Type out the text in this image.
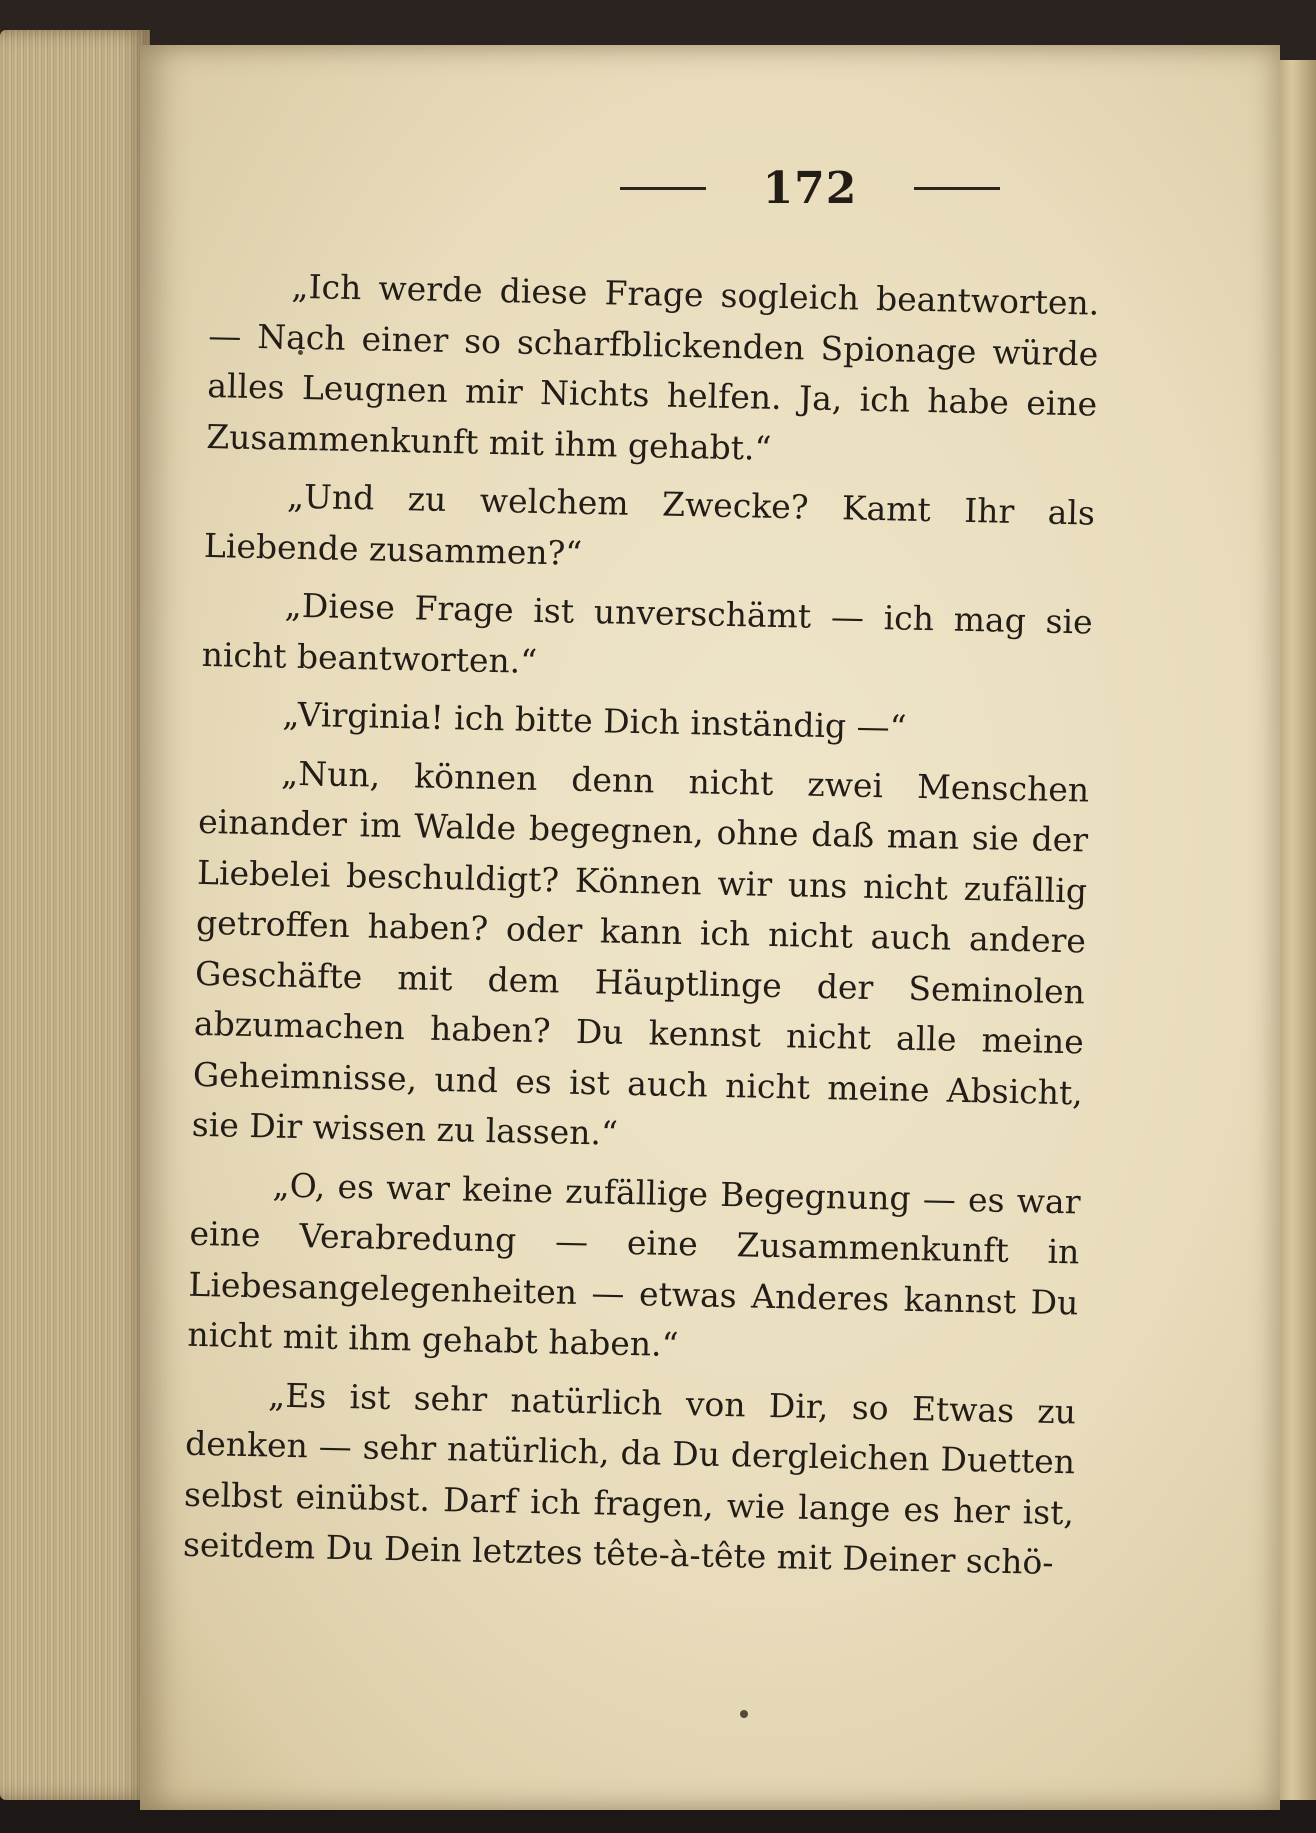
172

„Ich werde diese Frage sogleich beantworten. — Nach einer so scharfblickenden Spionage würde alles Leugnen mir Nichts helfen. Ja, ich habe eine Zusammenkunft mit ihm gehabt.“

„Und zu welchem Zwecke? Kamt Ihr als Liebende zusammen?“

„Diese Frage ist unverschämt — ich mag sie nicht beantworten.“

„Virginia! ich bitte Dich inständig —“

„Nun, können denn nicht zwei Menschen einander im Walde begegnen, ohne daß man sie der Liebelei beschuldigt? Können wir uns nicht zufällig getroffen haben? oder kann ich nicht auch andere Geschäfte mit dem Häuptlinge der Seminolen abzumachen haben? Du kennst nicht alle meine Geheimnisse, und es ist auch nicht meine Absicht, sie Dir wissen zu lassen.“

„O, es war keine zufällige Begegnung — es war eine Verabredung — eine Zusammenkunft in Liebesangelegenheiten — etwas Anderes kannst Du nicht mit ihm gehabt haben.“

„Es ist sehr natürlich von Dir, so Etwas zu denken — sehr natürlich, da Du dergleichen Duetten selbst einübst. Darf ich fragen, wie lange es her ist, seitdem Du Dein letztes tête-à-tête mit Deiner schö-
